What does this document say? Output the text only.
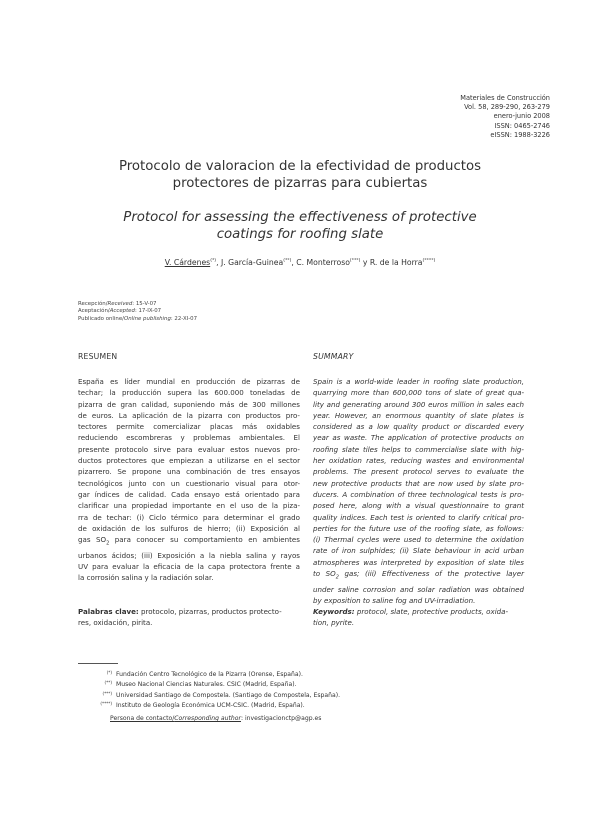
Materiales de Construcción
Vol. 58, 289-290, 263-279
enero-junio 2008
ISSN: 0465-2746
eISSN: 1988-3226
Protocolo de valoracion de la efectividad de productos
protectores de pizarras para cubiertas
Protocol for assessing the effectiveness of protective
coatings for roofing slate
V. Cárdenes(*), J. García-Guinea(**), C. Monterroso(***) y R. de la Horra(****)
Recepción/Received: 15-V-07
Aceptación/Accepted: 17-IX-07
Publicado online/Online publishing: 22-XI-07
RESUMEN	SUMMARY
España es líder mundial en producción de pizarras de
techar; la producción supera las 600.000 toneladas de
pizarra de gran calidad, suponiendo más de 300 millones
de euros. La aplicación de la pizarra con productos pro-
tectores permite comercializar placas más oxidables
reduciendo escombreras y problemas ambientales. El
presente protocolo sirve para evaluar estos nuevos pro-
ductos protectores que empiezan a utilizarse en el sector
pizarrero. Se propone una combinación de tres ensayos
tecnológicos junto con un cuestionario visual para otor-
gar índices de calidad. Cada ensayo está orientado para
clarificar una propiedad importante en el uso de la piza-
rra de techar: (i) Ciclo térmico para determinar el grado
de oxidación de los sulfuros de hierro; (ii) Exposición al
gas $SO_2$ para conocer su comportamiento en ambientes
urbanos ácidos; (iii) Exposición a la niebla salina y rayos
UV para evaluar la eficacia de la capa protectora frente a
la corrosión salina y la radiación solar.
Spain is a world-wide leader in roofing slate production,
quarrying more than 600,000 tons of slate of great qua-
lity and generating around 300 euros million in sales each
year. However, an enormous quantity of slate plates is
considered as a low quality product or discarded every
year as waste. The application of protective products on
roofing slate tiles helps to commercialise slate with hig-
her oxidation rates, reducing wastes and environmental
problems. The present protocol serves to evaluate the
new protective products that are now used by slate pro-
ducers. A combination of three technological tests is pro-
posed here, along with a visual questionnaire to grant
quality indices. Each test is oriented to clarify critical pro-
perties for the future use of the roofing slate, as follows:
(i) Thermal cycles were used to determine the oxidation
rate of iron sulphides; (ii) Slate behaviour in acid urban
atmospheres was interpreted by exposition of slate tiles
to $SO_2$ gas; (iii) Effectiveness of the protective layer
under saline corrosion and solar radiation was obtained
by exposition to saline fog and UV-irradiation.
Palabras clave: protocolo, pizarras, productos protecto-
res, oxidación, pirita.
Keywords: protocol, slate, protective products, oxida-
tion, pyrite.
(*) Fundación Centro Tecnológico de la Pizarra (Orense, España).
(**) Museo Nacional Ciencias Naturales. CSIC (Madrid, España).
(***) Universidad Santiago de Compostela. (Santiago de Compostela, España).
(****) Instituto de Geología Económica UCM-CSIC. (Madrid, España).
Persona de contacto/Corresponding author: investigacionctp@agp.es
